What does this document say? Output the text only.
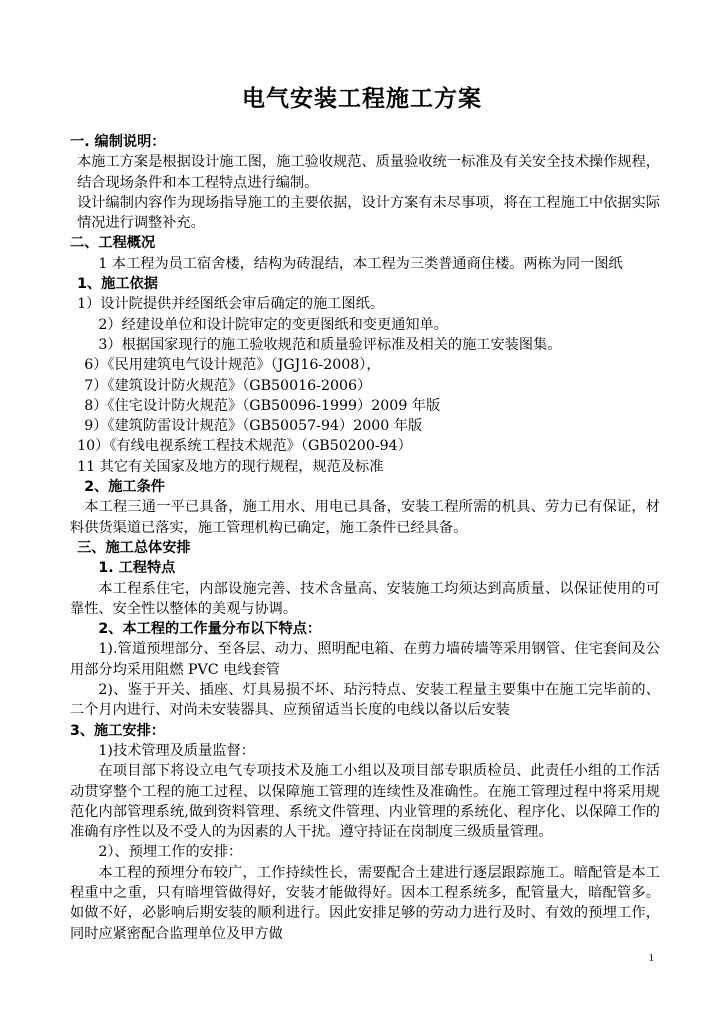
电气安装工程施工方案

一. 编制说明：

本施工方案是根据设计施工图，施工验收规范、质量验收统一标准及有关安全技术操作规程，结合现场条件和本工程特点进行编制。

设计编制内容作为现场指导施工的主要依据，设计方案有未尽事项，将在工程施工中依据实际情况进行调整补充。

二、工程概况

1 本工程为员工宿舍楼，结构为砖混结，本工程为三类普通商住楼。两栋为同一图纸

1、施工依据

1）设计院提供并经图纸会审后确定的施工图纸。

2）经建设单位和设计院审定的变更图纸和变更通知单。

3）根据国家现行的施工验收规范和质量验评标准及相关的施工安装图集。

6）《民用建筑电气设计规范》（JGJ16-2008），

7）《建筑设计防火规范》（GB50016-2006）

8）《住宅设计防火规范》（GB50096-1999）2009 年版

9）《建筑防雷设计规范》（GB50057-94）2000 年版

10）《有线电视系统工程技术规范》（GB50200-94）

11 其它有关国家及地方的现行规程，规范及标准

2、施工条件

本工程三通一平已具备，施工用水、用电已具备，安装工程所需的机具、劳力已有保证，材料供货渠道已落实，施工管理机构已确定，施工条件已经具备。

三、施工总体安排

1. 工程特点

本工程系住宅，内部设施完善、技术含量高、安装施工均须达到高质量、以保证使用的可靠性、安全性以整体的美观与协调。

2、本工程的工作量分布以下特点：

1).管道预埋部分、至各层、动力、照明配电箱、在剪力墙砖墙等采用钢管、住宅套间及公用部分均采用阻燃 PVC 电线套管

2)、鉴于开关、插座、灯具易损不坏、玷污特点、安装工程量主要集中在施工完毕前的、二个月内进行、对尚未安装器具、应预留适当长度的电线以备以后安装

3、施工安排：

1)技术管理及质量监督：

在项目部下将设立电气专项技术及施工小组以及项目部专职质检员、此责任小组的工作活动贯穿整个工程的施工过程、以保障施工管理的连续性及准确性。在施工管理过程中将采用规范化内部管理系统,做到资料管理、系统文件管理、内业管理的系统化、程序化、以保障工作的准确有序性以及不受人的为因素的人干扰。遵守持证在岗制度三级质量管理。

2）、预埋工作的安排：

本工程的预埋分布较广，工作持续性长，需要配合土建进行逐层跟踪施工。暗配管是本工程重中之重，只有暗埋管做得好，安装才能做得好。因本工程系统多，配管量大，暗配管多。如做不好，必影响后期安装的顺利进行。因此安排足够的劳动力进行及时、有效的预埋工作，同时应紧密配合监理单位及甲方做

1
